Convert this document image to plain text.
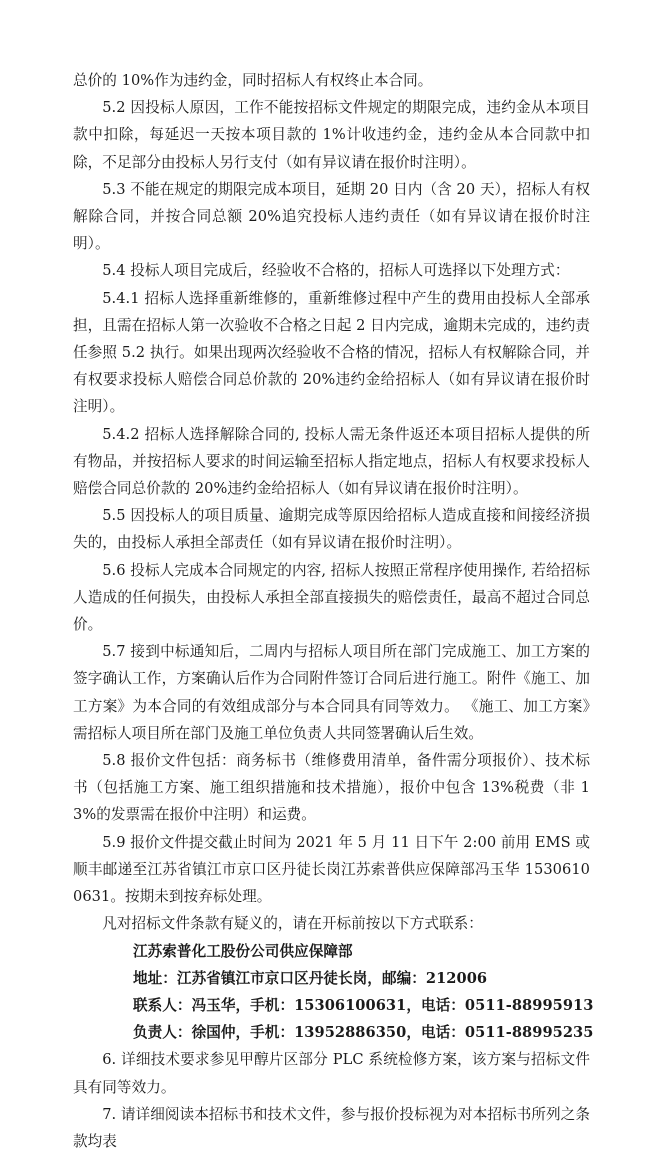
总价的 10%作为违约金，同时招标人有权终止本合同。

5.2 因投标人原因，工作不能按招标文件规定的期限完成，违约金从本项目款中扣除，每延迟一天按本项目款的 1%计收违约金，违约金从本合同款中扣除，不足部分由投标人另行支付（如有异议请在报价时注明）。

5.3 不能在规定的期限完成本项目，延期 20 日内（含 20 天），招标人有权解除合同，并按合同总额 20%追究投标人违约责任（如有异议请在报价时注明）。

5.4 投标人项目完成后，经验收不合格的，招标人可选择以下处理方式：

5.4.1 招标人选择重新维修的，重新维修过程中产生的费用由投标人全部承担，且需在招标人第一次验收不合格之日起 2 日内完成，逾期未完成的，违约责任参照 5.2 执行。如果出现两次经验收不合格的情况，招标人有权解除合同，并有权要求投标人赔偿合同总价款的 20%违约金给招标人（如有异议请在报价时注明）。

5.4.2 招标人选择解除合同的, 投标人需无条件返还本项目招标人提供的所有物品，并按招标人要求的时间运输至招标人指定地点，招标人有权要求投标人赔偿合同总价款的 20%违约金给招标人（如有异议请在报价时注明）。

5.5 因投标人的项目质量、逾期完成等原因给招标人造成直接和间接经济损失的，由投标人承担全部责任（如有异议请在报价时注明）。

5.6 投标人完成本合同规定的内容, 招标人按照正常程序使用操作, 若给招标人造成的任何损失，由投标人承担全部直接损失的赔偿责任，最高不超过合同总价。

5.7 接到中标通知后，二周内与招标人项目所在部门完成施工、加工方案的签字确认工作，方案确认后作为合同附件签订合同后进行施工。附件《施工、加工方案》为本合同的有效组成部分与本合同具有同等效力。 《施工、加工方案》需招标人项目所在部门及施工单位负责人共同签署确认后生效。

5.8 报价文件包括：商务标书（维修费用清单，备件需分项报价）、技术标书（包括施工方案、施工组织措施和技术措施），报价中包含 13%税费（非 13%的发票需在报价中注明）和运费。

5.9 报价文件提交截止时间为 2021 年 5 月 11 日下午 2:00 前用 EMS 或顺丰邮递至江苏省镇江市京口区丹徒长岗江苏索普供应保障部冯玉华 15306100631。按期未到按弃标处理。

凡对招标文件条款有疑义的，请在开标前按以下方式联系：

江苏索普化工股份公司供应保障部

地址：江苏省镇江市京口区丹徒长岗，邮编：212006

联系人：冯玉华，手机：15306100631，电话：0511-88995913

负责人：徐国仲，手机：13952886350，电话：0511-88995235

6. 详细技术要求参见甲醇片区部分 PLC 系统检修方案，该方案与招标文件具有同等效力。

7. 请详细阅读本招标书和技术文件，参与报价投标视为对本招标书所列之条款均表
